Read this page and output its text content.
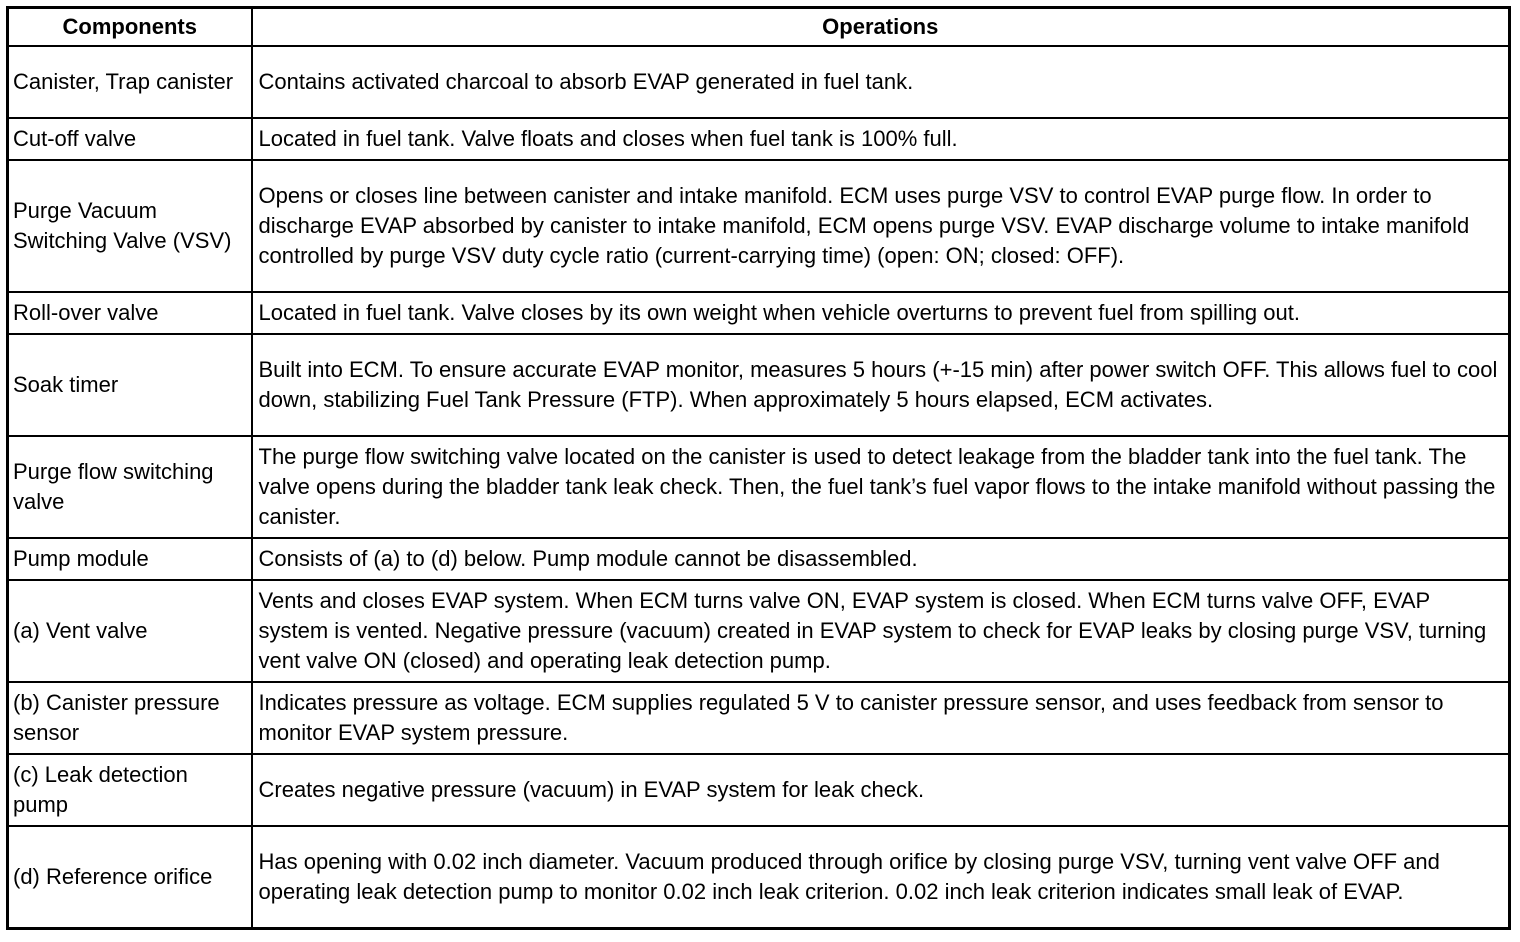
Components	Operations
Canister, Trap canister	Contains activated charcoal to absorb EVAP generated in fuel tank.
Cut-off valve	Located in fuel tank. Valve floats and closes when fuel tank is 100% full.
Purge Vacuum Switching Valve (VSV)	Opens or closes line between canister and intake manifold. ECM uses purge VSV to control EVAP purge flow. In order to discharge EVAP absorbed by canister to intake manifold, ECM opens purge VSV. EVAP discharge volume to intake manifold controlled by purge VSV duty cycle ratio (current-carrying time) (open: ON; closed: OFF).
Roll-over valve	Located in fuel tank. Valve closes by its own weight when vehicle overturns to prevent fuel from spilling out.
Soak timer	Built into ECM. To ensure accurate EVAP monitor, measures 5 hours (+-15 min) after power switch OFF. This allows fuel to cool down, stabilizing Fuel Tank Pressure (FTP). When approximately 5 hours elapsed, ECM activates.
Purge flow switching valve	The purge flow switching valve located on the canister is used to detect leakage from the bladder tank into the fuel tank. The valve opens during the bladder tank leak check. Then, the fuel tank’s fuel vapor flows to the intake manifold without passing the canister.
Pump module	Consists of (a) to (d) below. Pump module cannot be disassembled.
(a) Vent valve	Vents and closes EVAP system. When ECM turns valve ON, EVAP system is closed. When ECM turns valve OFF, EVAP system is vented. Negative pressure (vacuum) created in EVAP system to check for EVAP leaks by closing purge VSV, turning vent valve ON (closed) and operating leak detection pump.
(b) Canister pressure sensor	Indicates pressure as voltage. ECM supplies regulated 5 V to canister pressure sensor, and uses feedback from sensor to monitor EVAP system pressure.
(c) Leak detection pump	Creates negative pressure (vacuum) in EVAP system for leak check.
(d) Reference orifice	Has opening with 0.02 inch diameter. Vacuum produced through orifice by closing purge VSV, turning vent valve OFF and operating leak detection pump to monitor 0.02 inch leak criterion. 0.02 inch leak criterion indicates small leak of EVAP.
